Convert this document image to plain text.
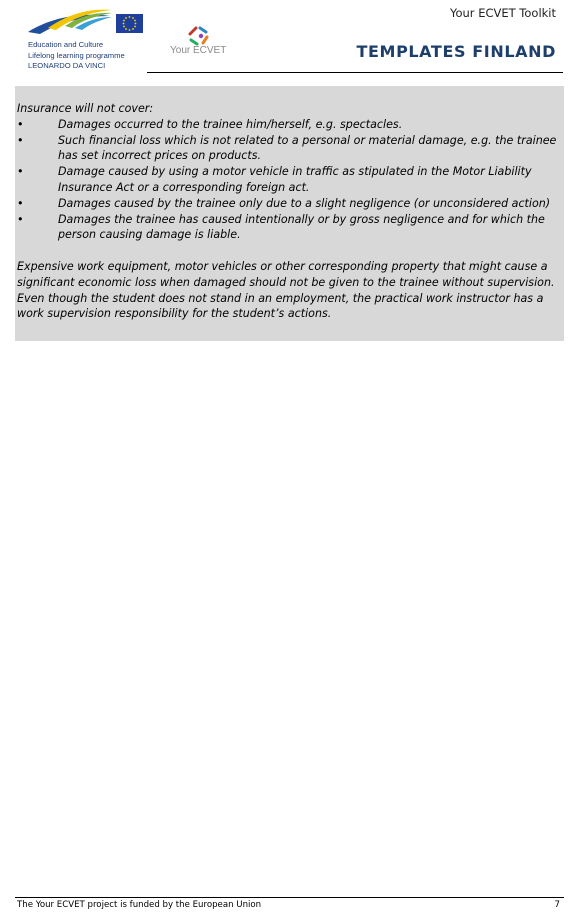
Education and Culture
Lifelong learning programme
LEONARDO DA VINCI
Your ECVET
Your ECVET Toolkit
TEMPLATES FINLAND

Insurance will not cover:

•	Damages occurred to the trainee him/herself, e.g. spectacles.
•	Such financial loss which is not related to a personal or material damage, e.g. the trainee has set incorrect prices on products.
•	Damage caused by using a motor vehicle in traffic as stipulated in the Motor Liability Insurance Act or a corresponding foreign act.
•	Damages caused by the trainee only due to a slight negligence (or unconsidered action)
•	Damages the trainee has caused intentionally or by gross negligence and for which the person causing damage is liable.

Expensive work equipment, motor vehicles or other corresponding property that might cause a significant economic loss when damaged should not be given to the trainee without supervision. Even though the student does not stand in an employment, the practical work instructor has a work supervision responsibility for the student’s actions.

The Your ECVET project is funded by the European Union	7
